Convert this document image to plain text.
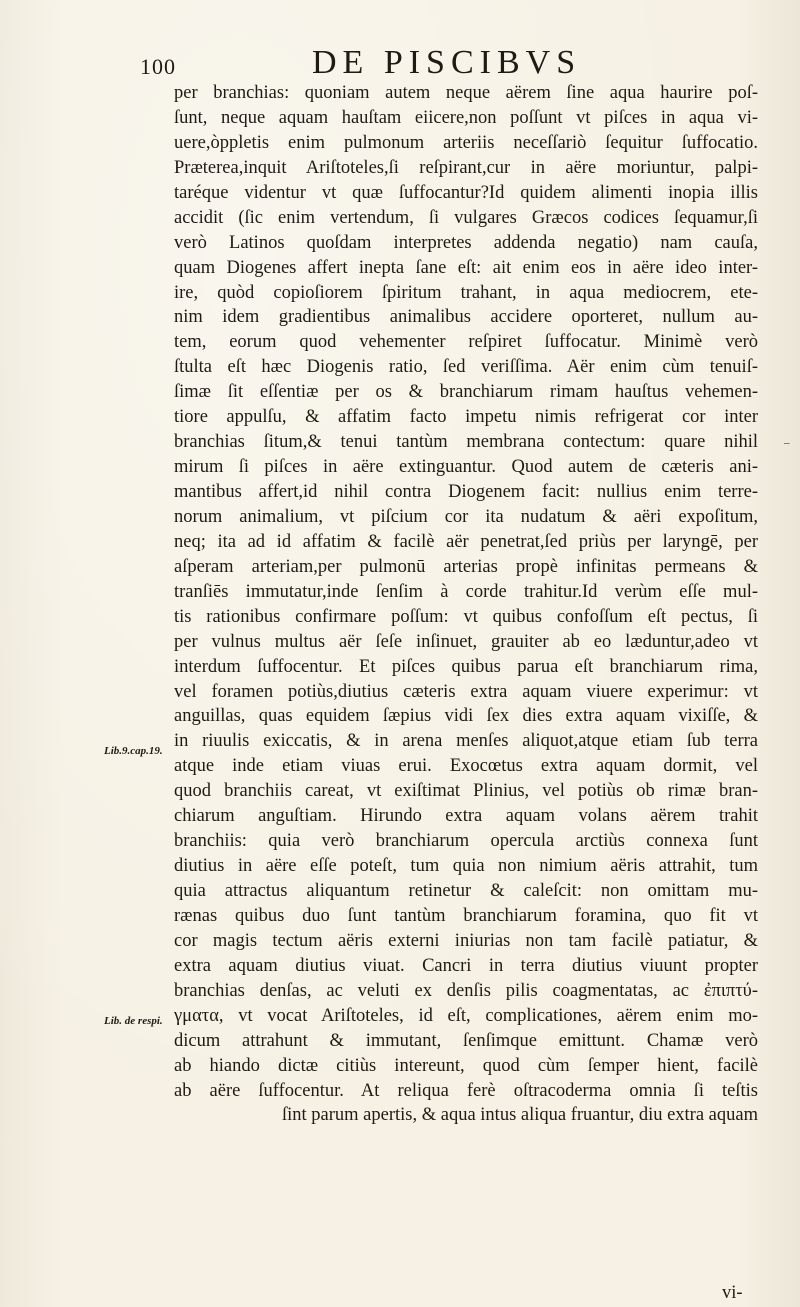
100	DE PISCIBVS
Lib.9.cap.19.
Lib. de respi.
–
per branchias: quoniam autem neque aërem ſine aqua haurire poſ-
ſunt, neque aquam hauſtam eiicere,non poſſunt vt piſces in aqua vi-
uere,òppletis enim pulmonum arteriis neceſſariò ſequitur ſuffocatio.
Præterea,inquit Ariſtoteles,ſi reſpirant,cur in aëre moriuntur, palpi-
taréque videntur vt quæ ſuffocantur?Id quidem alimenti inopia illis
accidit (ſic enim vertendum, ſi vulgares Græcos codices ſequamur,ſi
verò Latinos quoſdam interpretes addenda negatio) nam cauſa,
quam Diogenes affert inepta ſane eſt: ait enim eos in aëre ideo inter-
ire, quòd copioſiorem ſpiritum trahant, in aqua mediocrem, ete-
nim idem gradientibus animalibus accidere oporteret, nullum au-
tem, eorum quod vehementer reſpiret ſuffocatur. Minimè verò
ſtulta eſt hæc Diogenis ratio, ſed veriſſima. Aër enim cùm tenuiſ-
ſimæ ſit eſſentiæ per os & branchiarum rimam hauſtus vehemen-
tiore appulſu, & affatim facto impetu nimis refrigerat cor inter
branchias ſitum,& tenui tantùm membrana contectum: quare nihil
mirum ſi piſces in aëre extinguantur. Quod autem de cæteris ani-
mantibus affert,id nihil contra Diogenem facit: nullius enim terre-
norum animalium, vt piſcium cor ita nudatum & aëri expoſitum,
neq; ita ad id affatim & facilè aër penetrat,ſed priùs per laryngē, per
aſperam arteriam,per pulmonū arterias propè infinitas permeans &
tranſiēs immutatur,inde ſenſim à corde trahitur.Id verùm eſſe mul-
tis rationibus confirmare poſſum: vt quibus confoſſum eſt pectus, ſi
per vulnus multus aër ſeſe inſinuet, grauiter ab eo læduntur,adeo vt
interdum ſuffocentur. Et piſces quibus parua eſt branchiarum rima,
vel foramen potiùs,diutius cæteris extra aquam viuere experimur: vt
anguillas, quas equidem ſæpius vidi ſex dies extra aquam vixiſſe, &
in riuulis exiccatis, & in arena menſes aliquot,atque etiam ſub terra
atque inde etiam viuas erui. Exocœtus extra aquam dormit, vel
quod branchiis careat, vt exiſtimat Plinius, vel potiùs ob rimæ bran-
chiarum anguſtiam. Hirundo extra aquam volans aërem trahit
branchiis: quia verò branchiarum opercula arctiùs connexa ſunt
diutius in aëre eſſe poteſt, tum quia non nimium aëris attrahit, tum
quia attractus aliquantum retinetur & caleſcit: non omittam mu-
rænas quibus duo ſunt tantùm branchiarum foramina, quo fit vt
cor magis tectum aëris externi iniurias non tam facilè patiatur, &
extra aquam diutius viuat. Cancri in terra diutius viuunt propter
branchias denſas, ac veluti ex denſis pilis coagmentatas, ac ἐπιπτύ-
γματα, vt vocat Ariſtoteles, id eſt, complicationes, aërem enim mo-
dicum attrahunt & immutant, ſenſimque emittunt. Chamæ verò
ab hiando dictæ citiùs intereunt, quod cùm ſemper hient, facilè
ab aëre ſuffocentur. At reliqua ferè oſtracoderma omnia ſi teſtis
ſint parum apertis, & aqua intus aliqua fruantur, diu extra aquam
vi-
